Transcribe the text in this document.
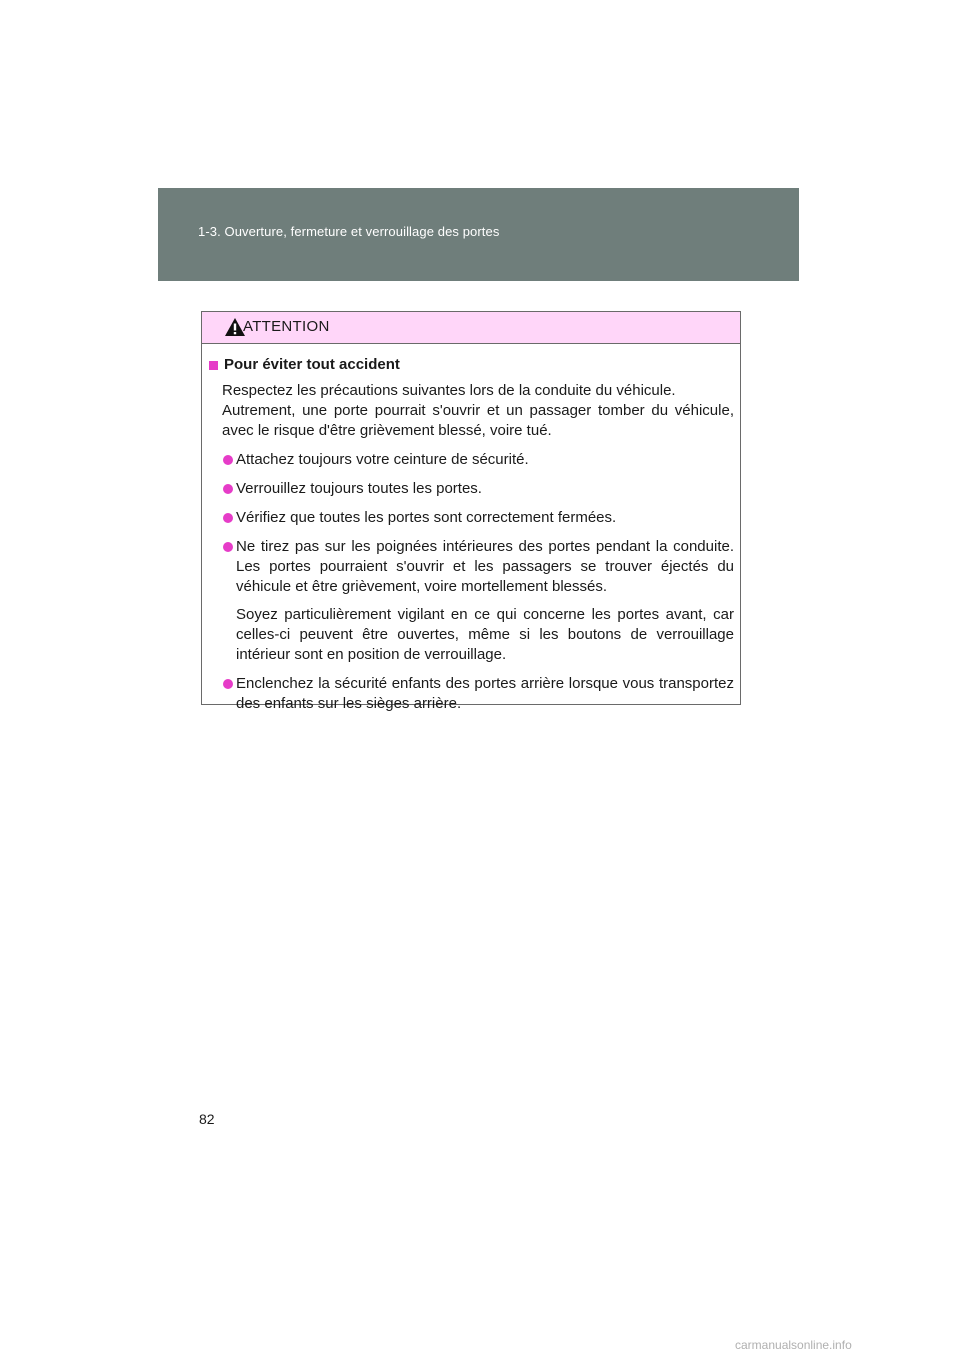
1-3. Ouverture, fermeture et verrouillage des portes
ATTENTION
Pour éviter tout accident
Respectez les précautions suivantes lors de la conduite du véhicule.
Autrement, une porte pourrait s'ouvrir et un passager tomber du véhicule, avec le risque d'être grièvement blessé, voire tué.
Attachez toujours votre ceinture de sécurité.
Verrouillez toujours toutes les portes.
Vérifiez que toutes les portes sont correctement fermées.
Ne tirez pas sur les poignées intérieures des portes pendant la conduite. Les portes pourraient s'ouvrir et les passagers se trouver éjectés du véhicule et être grièvement, voire mortellement blessés.
Soyez particulièrement vigilant en ce qui concerne les portes avant, car celles-ci peuvent être ouvertes, même si les boutons de verrouillage intérieur sont en position de verrouillage.
Enclenchez la sécurité enfants des portes arrière lorsque vous transportez des enfants sur les sièges arrière.
82
carmanualsonline.info
